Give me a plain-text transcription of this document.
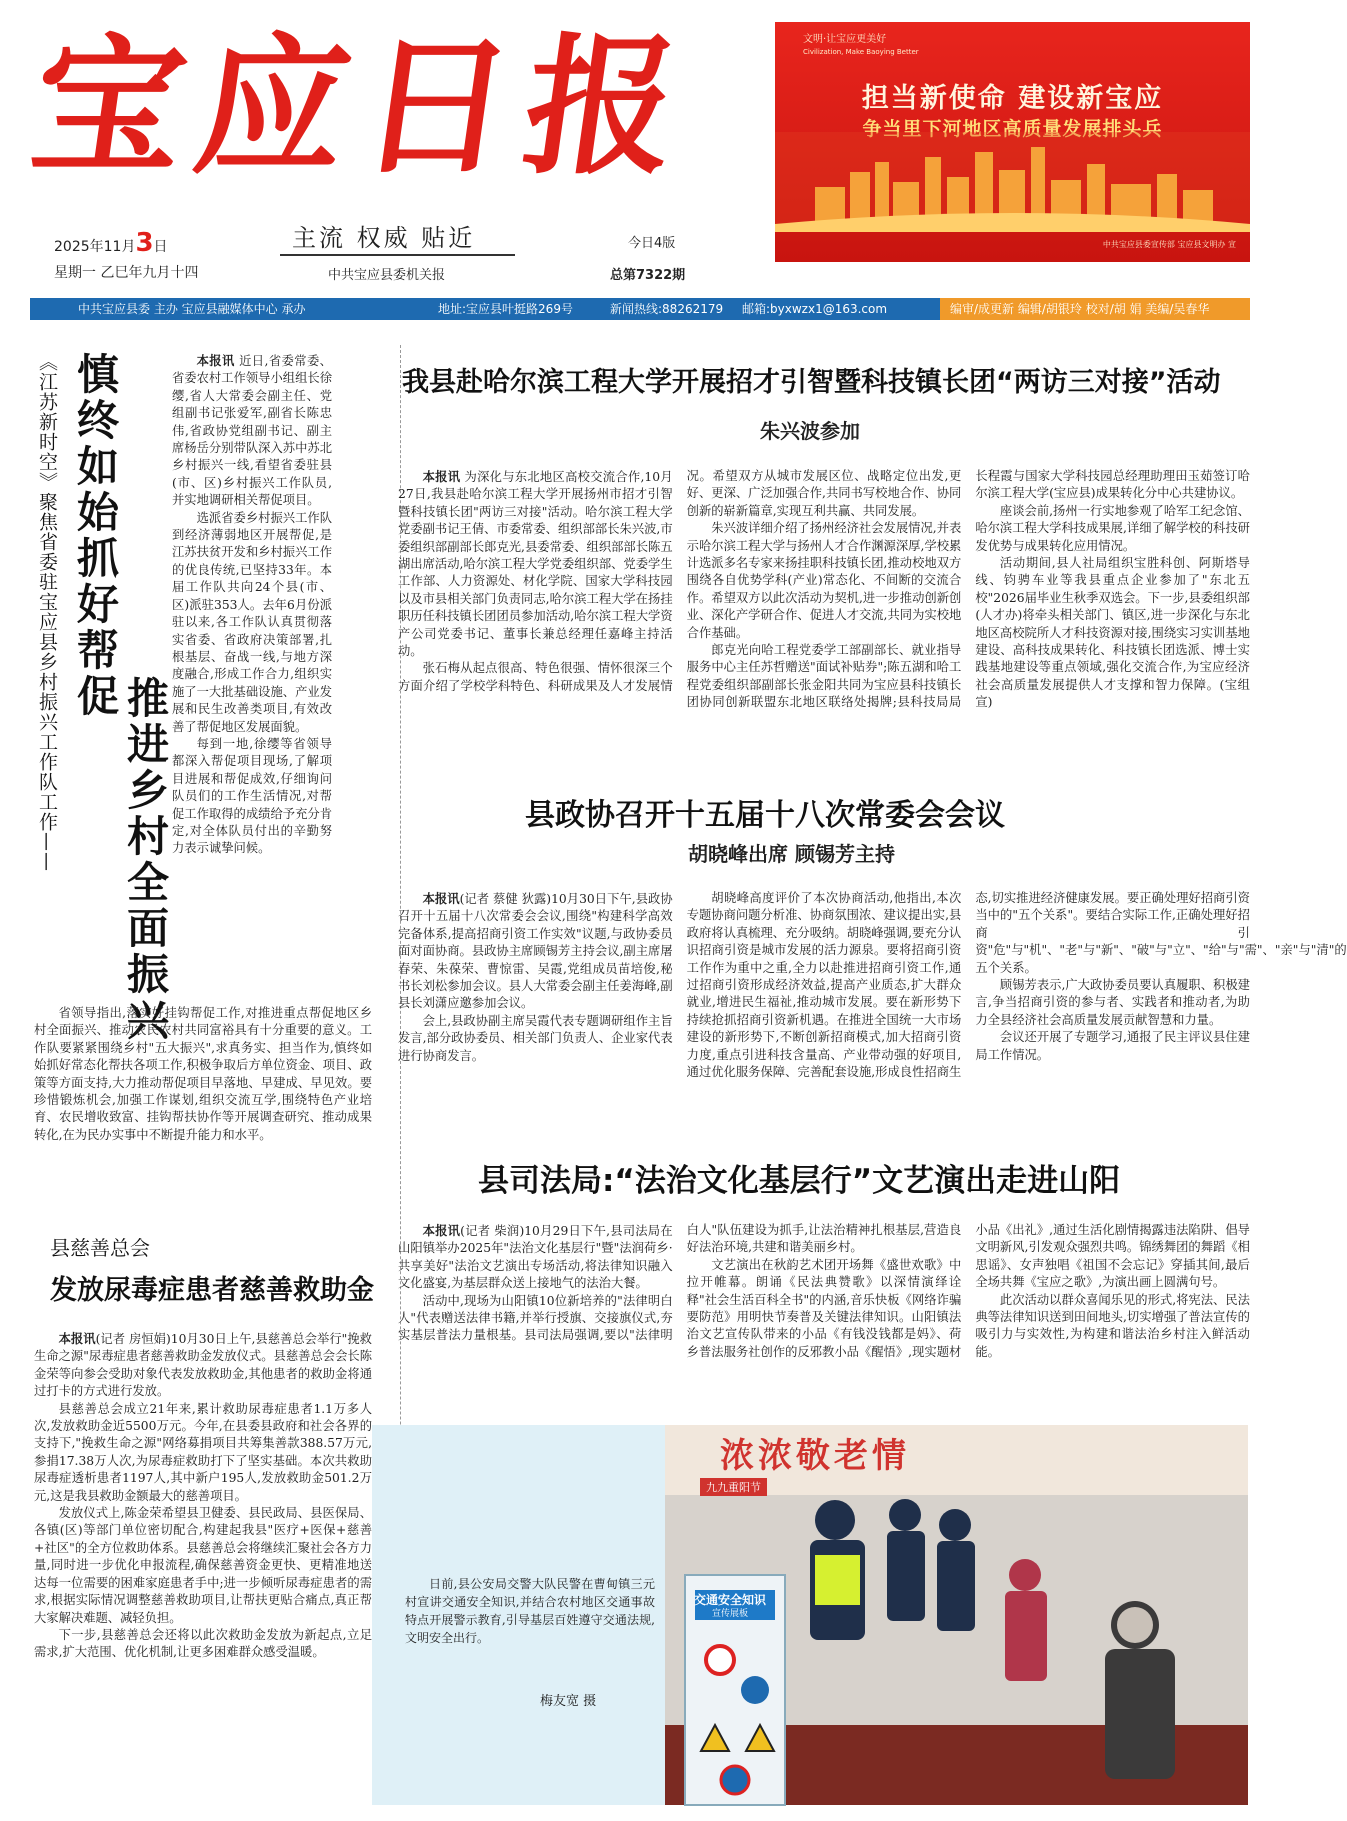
宝应日报
2025年11月3日
星期一 乙巳年九月十四
主流 权威 贴近
中共宝应县委机关报
今日4版
总第7322期
文明·让宝应更美好
Civilization, Make Baoying Better
担当新使命 建设新宝应
争当里下河地区高质量发展排头兵
中共宝应县委宣传部 宝应县文明办 宣
中共宝应县委 主办 宝应县融媒体中心 承办	地址:宝应县叶挺路269号	新闻热线:88262179 邮箱:byxwzx1@163.com	编审/成更新 编辑/胡银玲 校对/胡 娟 美编/吴春华
《江苏新时空》聚焦省委驻宝应县乡村振兴工作队工作—— 慎终如始抓好帮促
推进乡村全面振兴

本报讯 近日,省委常委、省委农村工作领导小组组长徐缨,省人大常委会副主任、党组副书记张爱军,副省长陈忠伟,省政协党组副书记、副主席杨岳分别带队深入苏中苏北乡村振兴一线,看望省委驻县(市、区)乡村振兴工作队员,并实地调研相关帮促项目。

选派省委乡村振兴工作队到经济薄弱地区开展帮促,是江苏扶贫开发和乡村振兴工作的优良传统,已坚持33年。本届工作队共向24个县(市、区)派驻353人。去年6月份派驻以来,各工作队认真贯彻落实省委、省政府决策部署,扎根基层、奋战一线,与地方深度融合,形成工作合力,组织实施了一大批基础设施、产业发展和民生改善类项目,有效改善了帮促地区发展面貌。

每到一地,徐缨等省领导都深入帮促项目现场,了解项目进展和帮促成效,仔细询问队员们的工作生活情况,对帮促工作取得的成绩给予充分肯定,对全体队员付出的辛勤努力表示诚挚问候。

省领导指出,落实好挂钩帮促工作,对推进重点帮促地区乡村全面振兴、推动农民农村共同富裕具有十分重要的意义。工作队要紧紧围绕乡村"五大振兴",求真务实、担当作为,慎终如始抓好常态化帮扶各项工作,积极争取后方单位资金、项目、政策等方面支持,大力推动帮促项目早落地、早建成、早见效。要珍惜锻炼机会,加强工作谋划,组织交流互学,围绕特色产业培育、农民增收致富、挂钩帮扶协作等开展调查研究、推动成果转化,在为民办实事中不断提升能力和水平。

县慈善总会
发放尿毒症患者慈善救助金

本报讯(记者 房恒娟)10月30日上午,县慈善总会举行"挽救生命之源"尿毒症患者慈善救助金发放仪式。县慈善总会会长陈金荣等向参会受助对象代表发放救助金,其他患者的救助金将通过打卡的方式进行发放。

县慈善总会成立21年来,累计救助尿毒症患者1.1万多人次,发放救助金近5500万元。今年,在县委县政府和社会各界的支持下,"挽救生命之源"网络募捐项目共筹集善款388.57万元,参捐17.38万人次,为尿毒症救助打下了坚实基础。本次共救助尿毒症透析患者1197人,其中新户195人,发放救助金501.2万元,这是我县救助金额最大的慈善项目。

发放仪式上,陈金荣希望县卫健委、县民政局、县医保局、各镇(区)等部门单位密切配合,构建起我县"医疗+医保+慈善+社区"的全方位救助体系。县慈善总会将继续汇聚社会各方力量,同时进一步优化申报流程,确保慈善资金更快、更精准地送达每一位需要的困难家庭患者手中;进一步倾听尿毒症患者的需求,根据实际情况调整慈善救助项目,让帮扶更贴合痛点,真正帮大家解决难题、减轻负担。

下一步,县慈善总会还将以此次救助金发放为新起点,立足需求,扩大范围、优化机制,让更多困难群众感受温暖。

我县赴哈尔滨工程大学开展招才引智暨科技镇长团“两访三对接”活动
朱兴波参加

本报讯 为深化与东北地区高校交流合作,10月27日,我县赴哈尔滨工程大学开展扬州市招才引智暨科技镇长团"两访三对接"活动。哈尔滨工程大学党委副书记王倩、市委常委、组织部部长朱兴波,市委组织部副部长郎克光,县委常委、组织部部长陈五湖出席活动,哈尔滨工程大学党委组织部、党委学生工作部、人力资源处、材化学院、国家大学科技园以及市县相关部门负责同志,哈尔滨工程大学在扬挂职历任科技镇长团团员参加活动,哈尔滨工程大学资产公司党委书记、董事长兼总经理任嘉峰主持活动。

张石梅从起点很高、特色很强、情怀很深三个方面介绍了学校学科特色、科研成果及人才发展情况。希望双方从城市发展区位、战略定位出发,更好、更深、广泛加强合作,共同书写校地合作、协同创新的崭新篇章,实现互利共赢、共同发展。

朱兴波详细介绍了扬州经济社会发展情况,并表示哈尔滨工程大学与扬州人才合作渊源深厚,学校累计选派多名专家来扬挂职科技镇长团,推动校地双方围绕各自优势学科(产业)常态化、不间断的交流合作。希望双方以此次活动为契机,进一步推动创新创业、深化产学研合作、促进人才交流,共同为实校地合作基础。

郎克光向哈工程党委学工部副部长、就业指导服务中心主任苏哲赠送"面试补贴券";陈五湖和哈工程党委组织部副部长张金阳共同为宝应县科技镇长团协同创新联盟东北地区联络处揭牌;县科技局局长程霞与国家大学科技园总经理助理田玉茹签订哈尔滨工程大学(宝应县)成果转化分中心共建协议。

座谈会前,扬州一行实地参观了哈军工纪念馆、哈尔滨工程大学科技成果展,详细了解学校的科技研发优势与成果转化应用情况。

活动期间,县人社局组织宝胜科创、阿斯塔导线、钧骋车业等我县重点企业参加了"东北五校"2026届毕业生秋季双选会。下一步,县委组织部(人才办)将牵头相关部门、镇区,进一步深化与东北地区高校院所人才科技资源对接,围绕实习实训基地建设、高科技成果转化、科技镇长团选派、博士实践基地建设等重点领域,强化交流合作,为宝应经济社会高质量发展提供人才支撑和智力保障。(宝组宣)

县政协召开十五届十八次常委会会议
胡晓峰出席 顾锡芳主持

本报讯(记者 蔡健 狄露)10月30日下午,县政协召开十五届十八次常委会会议,围绕"构建科学高效完备体系,提高招商引资工作实效"议题,与政协委员面对面协商。县政协主席顾锡芳主持会议,副主席屠春荣、朱葆荣、曹惊雷、吴霞,党组成员苗培俊,秘书长刘松参加会议。县人大常委会副主任姜海峰,副县长刘潇应邀参加会议。

会上,县政协副主席吴霞代表专题调研组作主旨发言,部分政协委员、相关部门负责人、企业家代表进行协商发言。

胡晓峰高度评价了本次协商活动,他指出,本次专题协商问题分析准、协商氛围浓、建议提出实,县政府将认真梳理、充分吸纳。胡晓峰强调,要充分认识招商引资是城市发展的活力源泉。要将招商引资工作作为重中之重,全力以赴推进招商引资工作,通过招商引资形成经济效益,提高产业质态,扩大群众就业,增进民生福祉,推动城市发展。要在新形势下持续抢抓招商引资新机遇。在推进全国统一大市场建设的新形势下,不断创新招商模式,加大招商引资力度,重点引进科技含量高、产业带动强的好项目,通过优化服务保障、完善配套设施,形成良性招商生态,切实推进经济健康发展。要正确处理好招商引资当中的"五个关系"。要结合实际工作,正确处理好招商引资"危"与"机"、"老"与"新"、"破"与"立"、"给"与"需"、"亲"与"清"的五个关系。

顾锡芳表示,广大政协委员要认真履职、积极建言,争当招商引资的参与者、实践者和推动者,为助力全县经济社会高质量发展贡献智慧和力量。

会议还开展了专题学习,通报了民主评议县住建局工作情况。

县司法局:“法治文化基层行”文艺演出走进山阳

本报讯(记者 柴润)10月29日下午,县司法局在山阳镇举办2025年"法治文化基层行"暨"法润荷乡·共享美好"法治文艺演出专场活动,将法律知识融入文化盛宴,为基层群众送上接地气的法治大餐。

活动中,现场为山阳镇10位新培养的"法律明白人"代表赠送法律书籍,并举行授旗、交接旗仪式,夯实基层普法力量根基。县司法局强调,要以"法律明白人"队伍建设为抓手,让法治精神扎根基层,营造良好法治环境,共建和谐美丽乡村。

文艺演出在秋韵艺术团开场舞《盛世欢歌》中拉开帷幕。朗诵《民法典赞歌》以深情演绎诠释"社会生活百科全书"的内涵,音乐快板《网络诈骗要防范》用明快节奏普及关键法律知识。山阳镇法治文艺宣传队带来的小品《有钱没钱都是妈》、荷乡普法服务社创作的反邪教小品《醒悟》,现实题材小品《出礼》,通过生活化剧情揭露违法陷阱、倡导文明新风,引发观众强烈共鸣。锦绣舞团的舞蹈《相思谣》、女声独唱《祖国不会忘记》穿插其间,最后全场共舞《宝应之歌》,为演出画上圆满句号。

此次活动以群众喜闻乐见的形式,将宪法、民法典等法律知识送到田间地头,切实增强了普法宣传的吸引力与实效性,为构建和谐法治乡村注入鲜活动能。

日前,县公安局交警大队民警在曹甸镇三元村宣讲交通安全知识,并结合农村地区交通事故特点开展警示教育,引导基层百姓遵守交通法规,文明安全出行。

梅友宽 摄
浓浓敬老情
九九重阳节
交通安全知识
宣传展板
